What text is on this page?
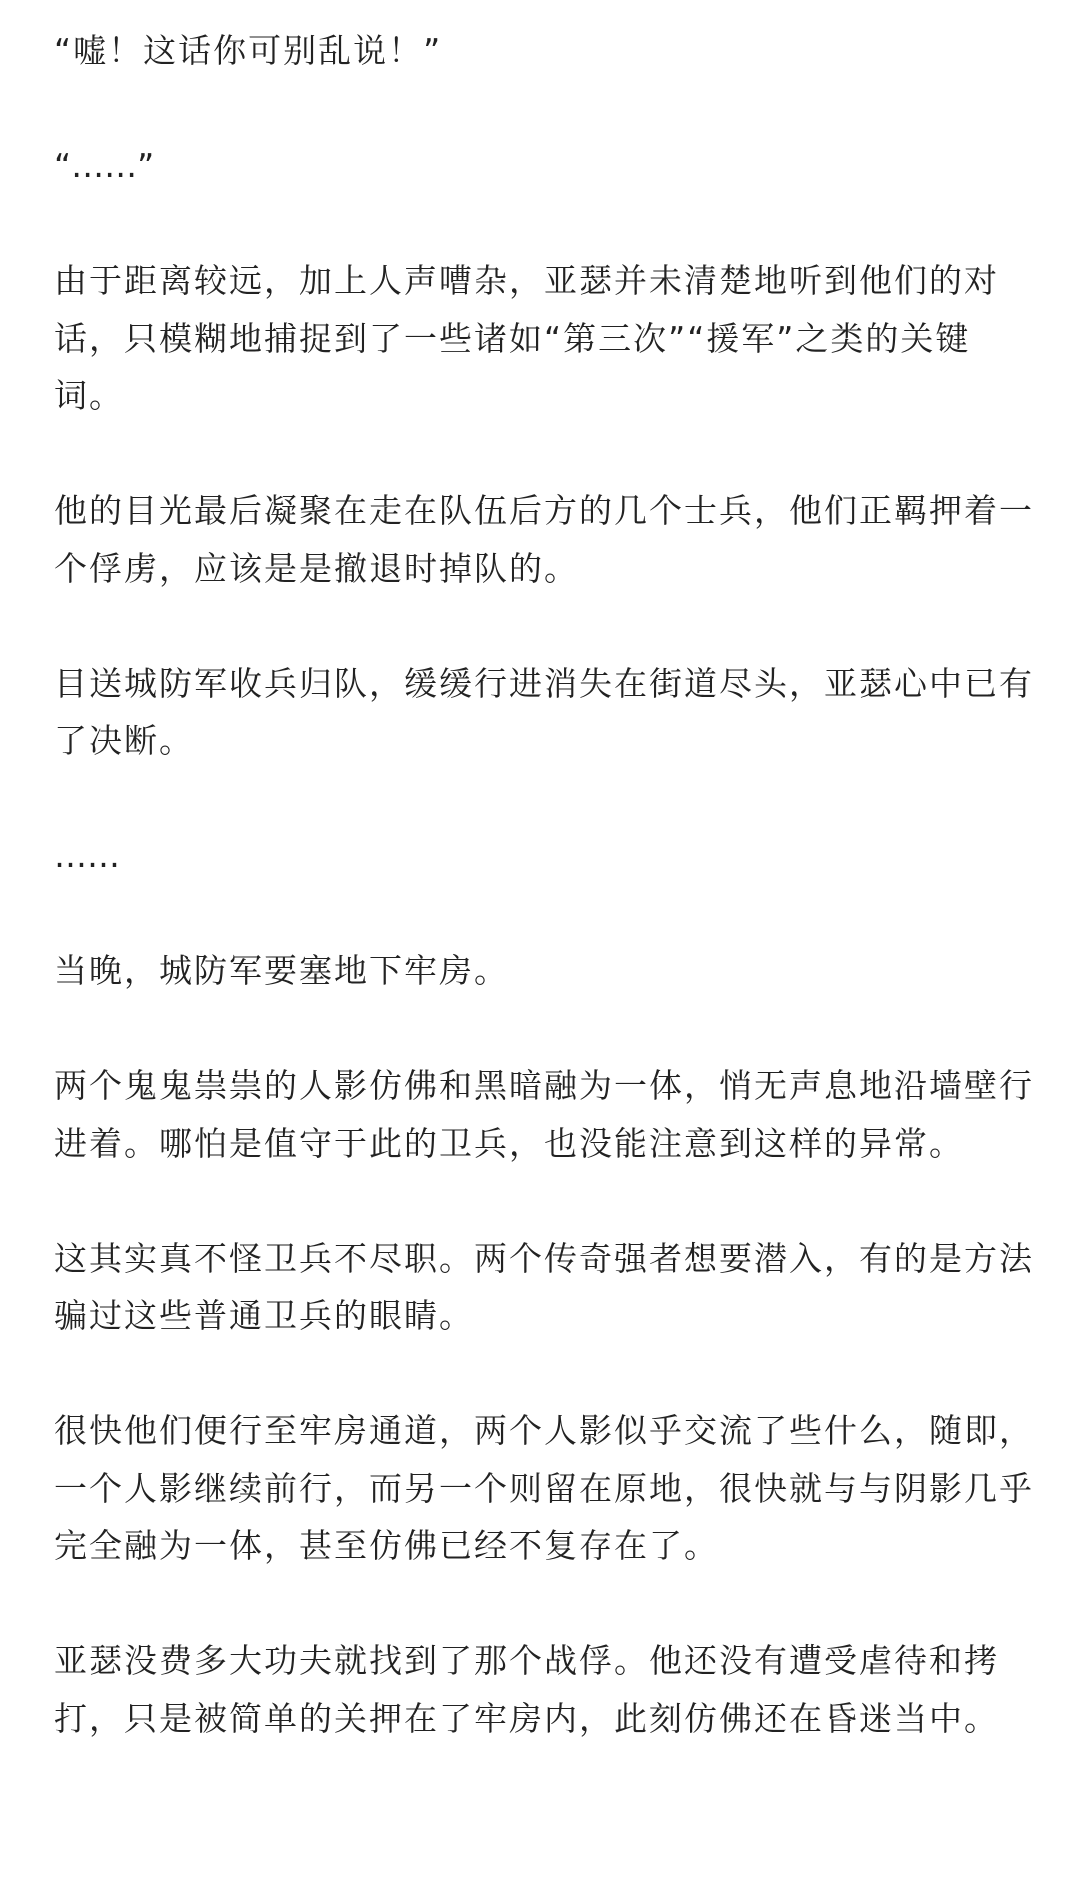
“嘘！这话你可别乱说！”

“……”

由于距离较远，加上人声嘈杂，亚瑟并未清楚地听到他们的对话，只模糊地捕捉到了一些诸如“第三次”“援军”之类的关键词。

他的目光最后凝聚在走在队伍后方的几个士兵，他们正羁押着一个俘虏，应该是是撤退时掉队的。

目送城防军收兵归队，缓缓行进消失在街道尽头，亚瑟心中已有了决断。

……

当晚，城防军要塞地下牢房。

两个鬼鬼祟祟的人影仿佛和黑暗融为一体，悄无声息地沿墙壁行进着。哪怕是值守于此的卫兵，也没能注意到这样的异常。

这其实真不怪卫兵不尽职。两个传奇强者想要潜入，有的是方法骗过这些普通卫兵的眼睛。

很快他们便行至牢房通道，两个人影似乎交流了些什么，随即，一个人影继续前行，而另一个则留在原地，很快就与与阴影几乎完全融为一体，甚至仿佛已经不复存在了。

亚瑟没费多大功夫就找到了那个战俘。他还没有遭受虐待和拷打，只是被简单的关押在了牢房内，此刻仿佛还在昏迷当中。
